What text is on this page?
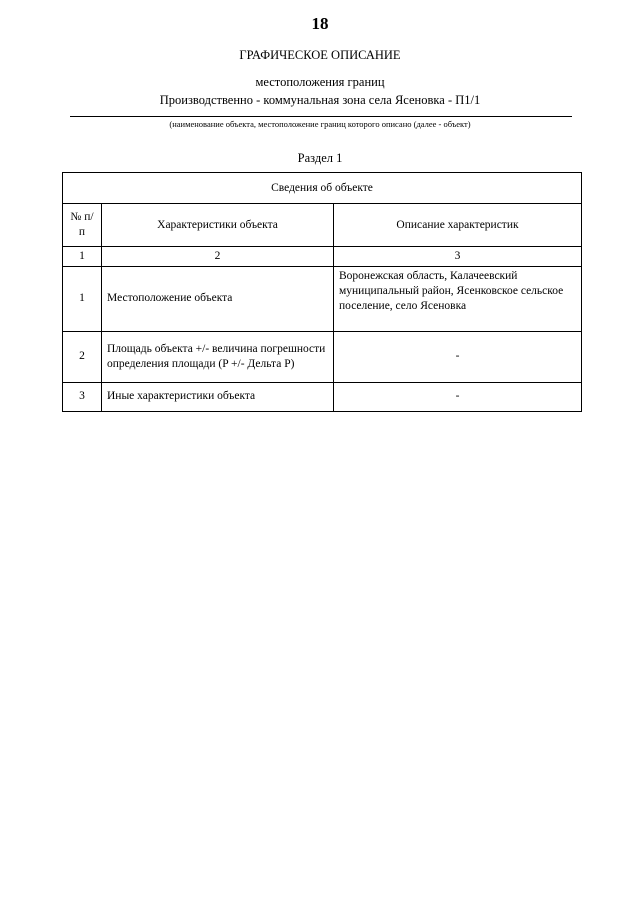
18
ГРАФИЧЕСКОЕ ОПИСАНИЕ
местоположения границ
Производственно - коммунальная зона села Ясеновка - П1/1
(наименование объекта, местоположение границ которого описано (далее - объект)
Раздел 1
Сведения об объекте		
№ п/п	Характеристики объекта	Описание характеристик
1	2	3
1	Местоположение объекта	Воронежская область, Калачеевский муниципальный район, Ясенковское сельское поселение, село Ясеновка
2	Площадь объекта +/- величина погрешности определения площади (P +/- Дельта P)	-
3	Иные характеристики объекта	-
